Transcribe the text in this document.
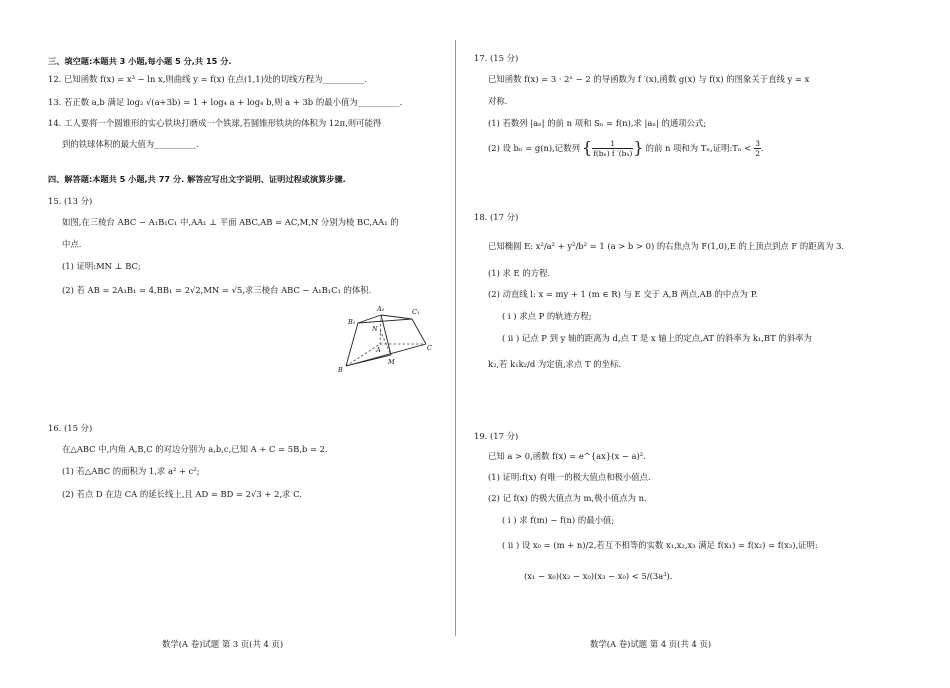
三、填空题:本题共 3 小题,每小题 5 分,共 15 分.
12. 已知函数 f(x) = x³ − ln x,则曲线 y = f(x) 在点(1,1)处的切线方程为__________.
13. 若正数 a,b 满足 log₂ √(a+3b) = 1 + log₄ a + log₄ b,则 a + 3b 的最小值为__________.
14. 工人要将一个圆锥形的实心铁块打磨成一个铁球,若圆锥形铁块的体积为 12π,则可能得
到的铁球体积的最大值为__________.
四、解答题:本题共 5 小题,共 77 分. 解答应写出文字说明、证明过程或演算步骤.
15. (13 分)
如图,在三棱台 ABC − A₁B₁C₁ 中,AA₁ ⊥ 平面 ABC,AB = AC,M,N 分别为棱 BC,AA₁ 的
中点.
(1) 证明:MN ⊥ BC;
(2) 若 AB = 2A₁B₁ = 4,BB₁ = 2√2,MN = √5,求三棱台 ABC − A₁B₁C₁ 的体积.
A₁	C₁
B₁
N
A	C
M
B
16. (15 分)
在△ABC 中,内角 A,B,C 的对边分别为 a,b,c,已知 A + C = 5B,b = 2.
(1) 若△ABC 的面积为 1,求 a² + c²;
(2) 若点 D 在边 CA 的延长线上,且 AD = BD = 2√3 + 2,求 C.
数学(A 卷)试题 第 3 页(共 4 页)
17. (15 分)
已知函数 f(x) = 3 · 2ˣ − 2 的导函数为 f ′(x),函数 g(x) 与 f(x) 的图象关于直线 y = x
对称.
(1) 若数列 |aₙ| 的前 n 项和 Sₙ = f(n),求 |aₙ| 的通项公式;
(2) 设 bₙ = g(n),记数列 { $\frac{1}{\text{f(bₙ) f ′(bₙ)}}$ } 的前 n 项和为 Tₙ,证明:Tₙ < $\frac{3}{2}$ .
18. (17 分)
已知椭圆 E: x²/a² + y²/b² = 1 (a > b > 0) 的右焦点为 F(1,0),E 的上顶点到点 F 的距离为 3.
(1) 求 E 的方程.
(2) 动直线 l: x = my + 1 (m ∈ R) 与 E 交于 A,B 两点,AB 的中点为 P.
( ⅰ ) 求点 P 的轨迹方程;
( ⅱ ) 记点 P 到 y 轴的距离为 d,点 T 是 x 轴上的定点,AT 的斜率为 k₁,BT 的斜率为
k₂,若 k₁k₂/d 为定值,求点 T 的坐标.
19. (17 分)
已知 a > 0,函数 f(x) = e^{ax}(x − a)².
(1) 证明:f(x) 有唯一的极大值点和极小值点.
(2) 记 f(x) 的极大值点为 m,极小值点为 n.
( ⅰ ) 求 f(m) − f(n) 的最小值;
( ⅱ ) 设 x₀ = (m + n)/2,若互不相等的实数 x₁,x₂,x₃ 满足 f(x₁) = f(x₂) = f(x₃),证明:
(x₁ − x₀)(x₂ − x₀)(x₃ − x₀) < 5/(3a³).
数学(A 卷)试题 第 4 页(共 4 页)
